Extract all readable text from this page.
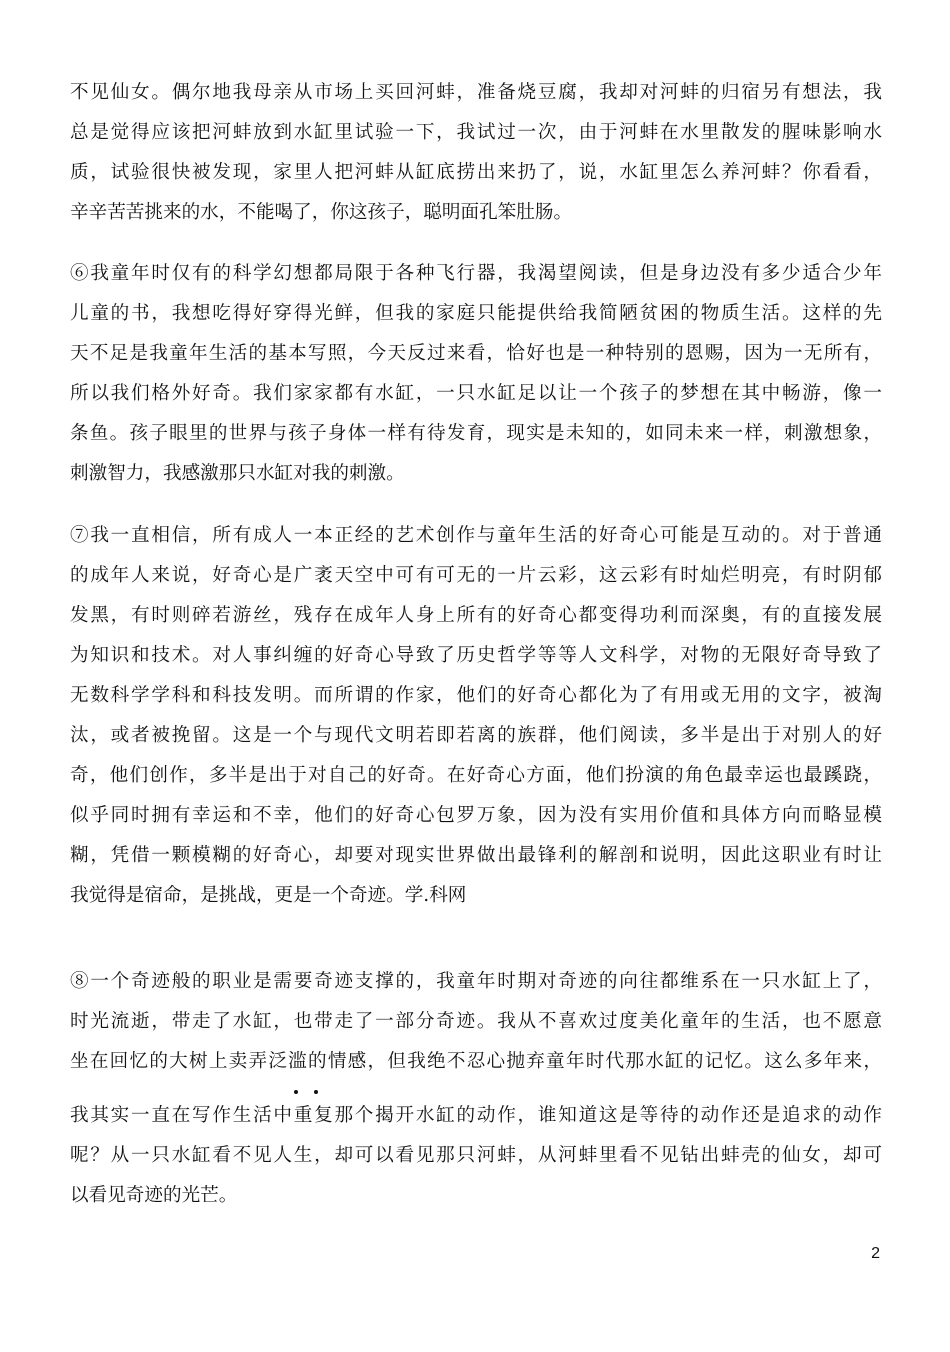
不见仙女。偶尔地我母亲从市场上买回河蚌，准备烧豆腐，我却对河蚌的归宿另有想法，我
总是觉得应该把河蚌放到水缸里试验一下，我试过一次，由于河蚌在水里散发的腥味影响水
质，试验很快被发现，家里人把河蚌从缸底捞出来扔了，说，水缸里怎么养河蚌？你看看，
辛辛苦苦挑来的水，不能喝了，你这孩子，聪明面孔笨肚肠。
⑥我童年时仅有的科学幻想都局限于各种飞行器，我渴望阅读，但是身边没有多少适合少年
儿童的书，我想吃得好穿得光鲜，但我的家庭只能提供给我简陋贫困的物质生活。这样的先
天不足是我童年生活的基本写照，今天反过来看，恰好也是一种特别的恩赐，因为一无所有，
所以我们格外好奇。我们家家都有水缸，一只水缸足以让一个孩子的梦想在其中畅游，像一
条鱼。孩子眼里的世界与孩子身体一样有待发育，现实是未知的，如同未来一样，刺激想象，
刺激智力，我感激那只水缸对我的刺激。
⑦我一直相信，所有成人一本正经的艺术创作与童年生活的好奇心可能是互动的。对于普通
的成年人来说，好奇心是广袤天空中可有可无的一片云彩，这云彩有时灿烂明亮，有时阴郁
发黑，有时则碎若游丝，残存在成年人身上所有的好奇心都变得功利而深奥，有的直接发展
为知识和技术。对人事纠缠的好奇心导致了历史哲学等等人文科学，对物的无限好奇导致了
无数科学学科和科技发明。而所谓的作家，他们的好奇心都化为了有用或无用的文字，被淘
汰，或者被挽留。这是一个与现代文明若即若离的族群，他们阅读，多半是出于对别人的好
奇，他们创作，多半是出于对自己的好奇。在好奇心方面，他们扮演的角色最幸运也最蹊跷，
似乎同时拥有幸运和不幸，他们的好奇心包罗万象，因为没有实用价值和具体方向而略显模
糊，凭借一颗模糊的好奇心，却要对现实世界做出最锋利的解剖和说明，因此这职业有时让
我觉得是宿命，是挑战，更是一个奇迹。学.科网
⑧一个奇迹般的职业是需要奇迹支撑的，我童年时期对奇迹的向往都维系在一只水缸上了，
时光流逝，带走了水缸，也带走了一部分奇迹。我从不喜欢过度美化童年的生活，也不愿意
坐在回忆的大树上卖弄泛滥的情感，但我绝不忍心抛弃童年时代那水缸的记忆。这么多年来，
我其实一直在写作生活中重复那个揭开水缸的动作，谁知道这是等待的动作还是追求的动作
呢？从一只水缸看不见人生，却可以看见那只河蚌，从河蚌里看不见钻出蚌壳的仙女，却可
以看见奇迹的光芒。
2
